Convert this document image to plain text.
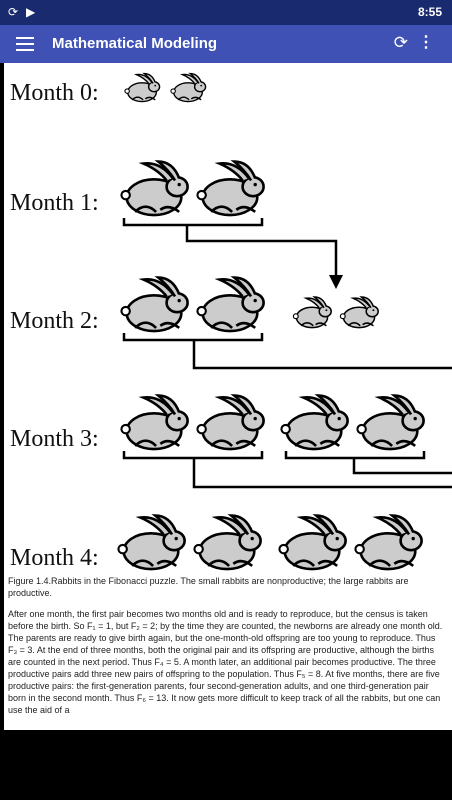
⟳ ▶	8:55
Mathematical Modeling	⟳ ⋮
Month 0:
Month 1:
Month 2:
Month 3:
Month 4:
Figure 1.4.Rabbits in the Fibonacci puzzle. The small rabbits are nonproductive; the large rabbits are productive.
After one month, the first pair becomes two months old and is ready to reproduce, but the census is taken before the birth. So F₁ = 1, but F₂ = 2; by the time they are counted, the newborns are already one month old. The parents are ready to give birth again, but the one-month-old offspring are too young to reproduce. Thus F₃ = 3. At the end of three months, both the original pair and its offspring are productive, although the births are counted in the next period. Thus F₄ = 5. A month later, an additional pair becomes productive. The three productive pairs add three new pairs of offspring to the population. Thus F₅ = 8. At five months, there are five productive pairs: the first-generation parents, four second-generation adults, and one third-generation pair born in the second month. Thus F₆ = 13. It now gets more difficult to keep track of all the rabbits, but one can use the aid of a
